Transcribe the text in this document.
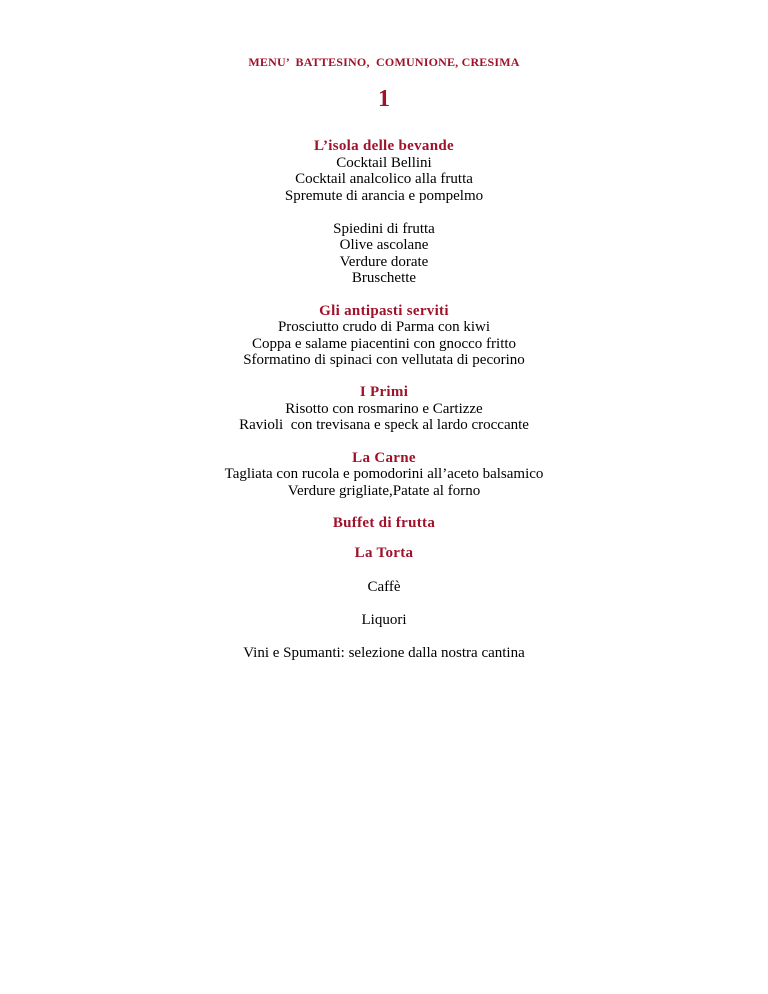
MENU’  BATTESINO,  COMUNIONE, CRESIMA
1
L’isola delle bevande
Cocktail Bellini
Cocktail analcolico alla frutta
Spremute di arancia e pompelmo
Spiedini di frutta
Olive ascolane
Verdure dorate
Bruschette
Gli antipasti serviti
Prosciutto crudo di Parma con kiwi
Coppa e salame piacentini con gnocco fritto
Sformatino di spinaci con vellutata di pecorino
I Primi
Risotto con rosmarino e Cartizze
Ravioli  con trevisana e speck al lardo croccante
La Carne
Tagliata con rucola e pomodorini all’aceto balsamico
Verdure grigliate,Patate al forno
Buffet di frutta
La Torta
Caffè
Liquori
Vini e Spumanti: selezione dalla nostra cantina
